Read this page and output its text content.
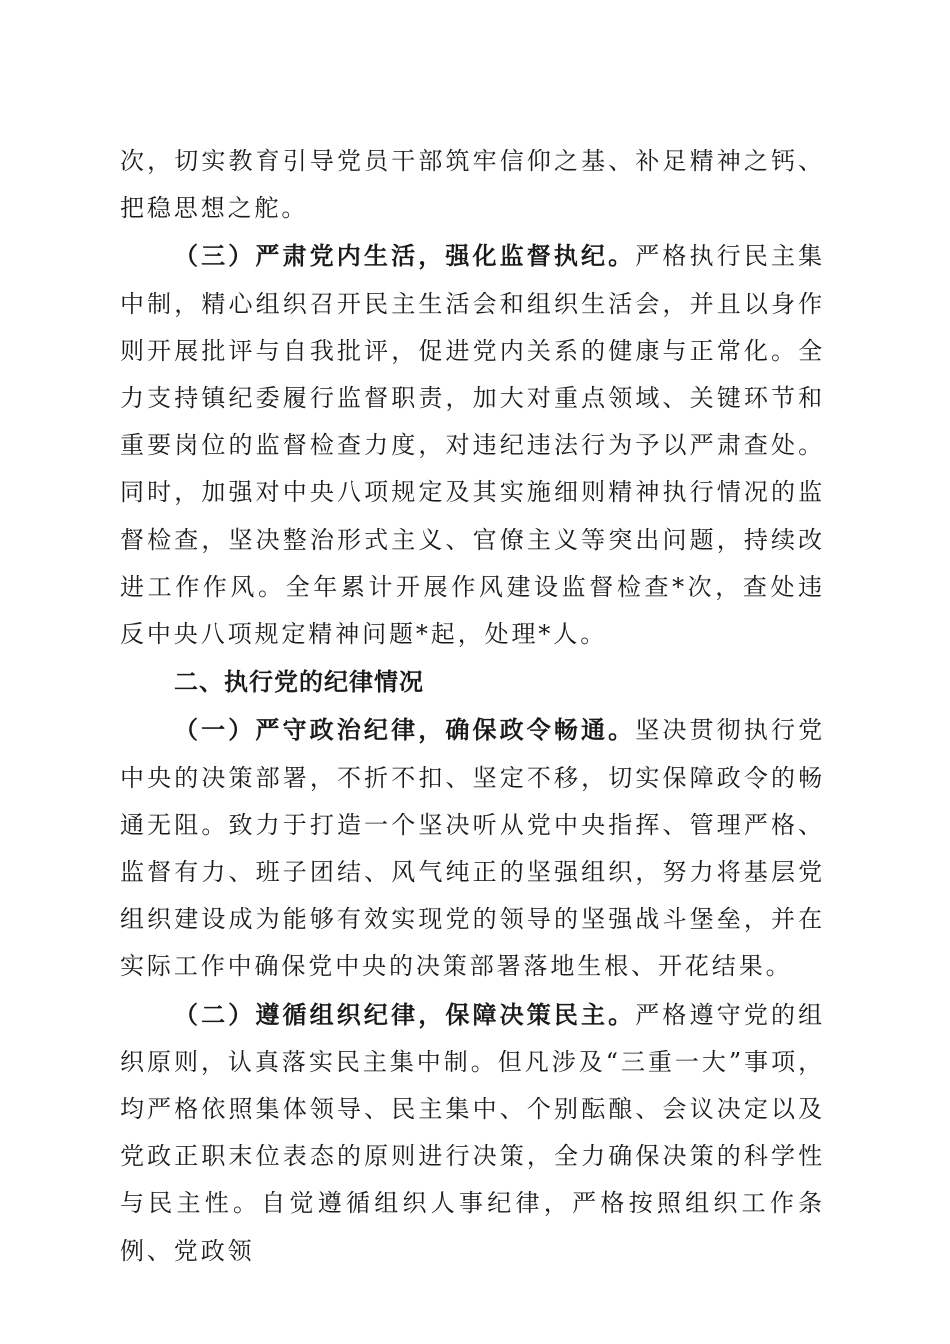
次，切实教育引导党员干部筑牢信仰之基、补足精神之钙、把稳思想之舵。

（三）严肃党内生活，强化监督执纪。严格执行民主集中制，精心组织召开民主生活会和组织生活会，并且以身作则开展批评与自我批评，促进党内关系的健康与正常化。全力支持镇纪委履行监督职责，加大对重点领域、关键环节和重要岗位的监督检查力度，对违纪违法行为予以严肃查处。同时，加强对中央八项规定及其实施细则精神执行情况的监督检查，坚决整治形式主义、官僚主义等突出问题，持续改进工作作风。全年累计开展作风建设监督检查*次，查处违反中央八项规定精神问题*起，处理*人。

二、执行党的纪律情况

（一）严守政治纪律，确保政令畅通。坚决贯彻执行党中央的决策部署，不折不扣、坚定不移，切实保障政令的畅通无阻。致力于打造一个坚决听从党中央指挥、管理严格、监督有力、班子团结、风气纯正的坚强组织，努力将基层党组织建设成为能够有效实现党的领导的坚强战斗堡垒，并在实际工作中确保党中央的决策部署落地生根、开花结果。

（二）遵循组织纪律，保障决策民主。严格遵守党的组织原则，认真落实民主集中制。但凡涉及“三重一大”事项，均严格依照集体领导、民主集中、个别酝酿、会议决定以及党政正职末位表态的原则进行决策，全力确保决策的科学性与民主性。自觉遵循组织人事纪律，严格按照组织工作条例、党政领
